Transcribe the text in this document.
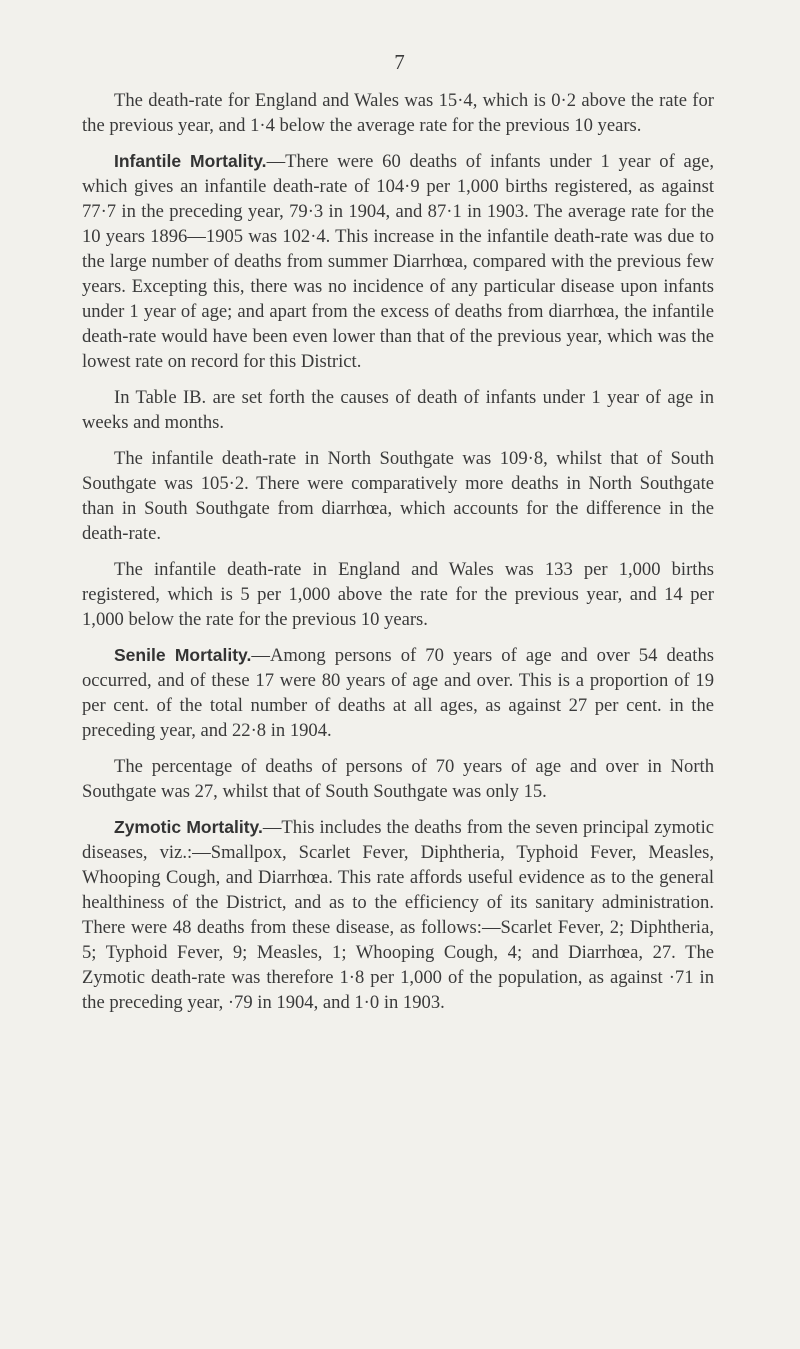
7

The death-rate for England and Wales was 15·4, which is 0·2 above the rate for the previous year, and 1·4 below the average rate for the previous 10 years.

Infantile Mortality.—There were 60 deaths of infants under 1 year of age, which gives an infantile death-rate of 104·9 per 1,000 births registered, as against 77·7 in the preceding year, 79·3 in 1904, and 87·1 in 1903. The average rate for the 10 years 1896—1905 was 102·4. This increase in the infantile death-rate was due to the large number of deaths from summer Diarrhœa, compared with the previous few years. Excepting this, there was no incidence of any particular disease upon infants under 1 year of age; and apart from the excess of deaths from diarrhœa, the infantile death-rate would have been even lower than that of the previous year, which was the lowest rate on record for this District.

In Table IB. are set forth the causes of death of infants under 1 year of age in weeks and months.

The infantile death-rate in North Southgate was 109·8, whilst that of South Southgate was 105·2. There were comparatively more deaths in North Southgate than in South Southgate from diarrhœa, which accounts for the difference in the death-rate.

The infantile death-rate in England and Wales was 133 per 1,000 births registered, which is 5 per 1,000 above the rate for the previous year, and 14 per 1,000 below the rate for the previous 10 years.

Senile Mortality.—Among persons of 70 years of age and over 54 deaths occurred, and of these 17 were 80 years of age and over. This is a proportion of 19 per cent. of the total number of deaths at all ages, as against 27 per cent. in the preceding year, and 22·8 in 1904.

The percentage of deaths of persons of 70 years of age and over in North Southgate was 27, whilst that of South Southgate was only 15.

Zymotic Mortality.—This includes the deaths from the seven principal zymotic diseases, viz.:—Smallpox, Scarlet Fever, Diphtheria, Typhoid Fever, Measles, Whooping Cough, and Diarrhœa. This rate affords useful evidence as to the general healthiness of the District, and as to the efficiency of its sanitary administration. There were 48 deaths from these disease, as follows:—Scarlet Fever, 2; Diphtheria, 5; Typhoid Fever, 9; Measles, 1; Whooping Cough, 4; and Diarrhœa, 27. The Zymotic death-rate was therefore 1·8 per 1,000 of the population, as against ·71 in the preceding year, ·79 in 1904, and 1·0 in 1903.
